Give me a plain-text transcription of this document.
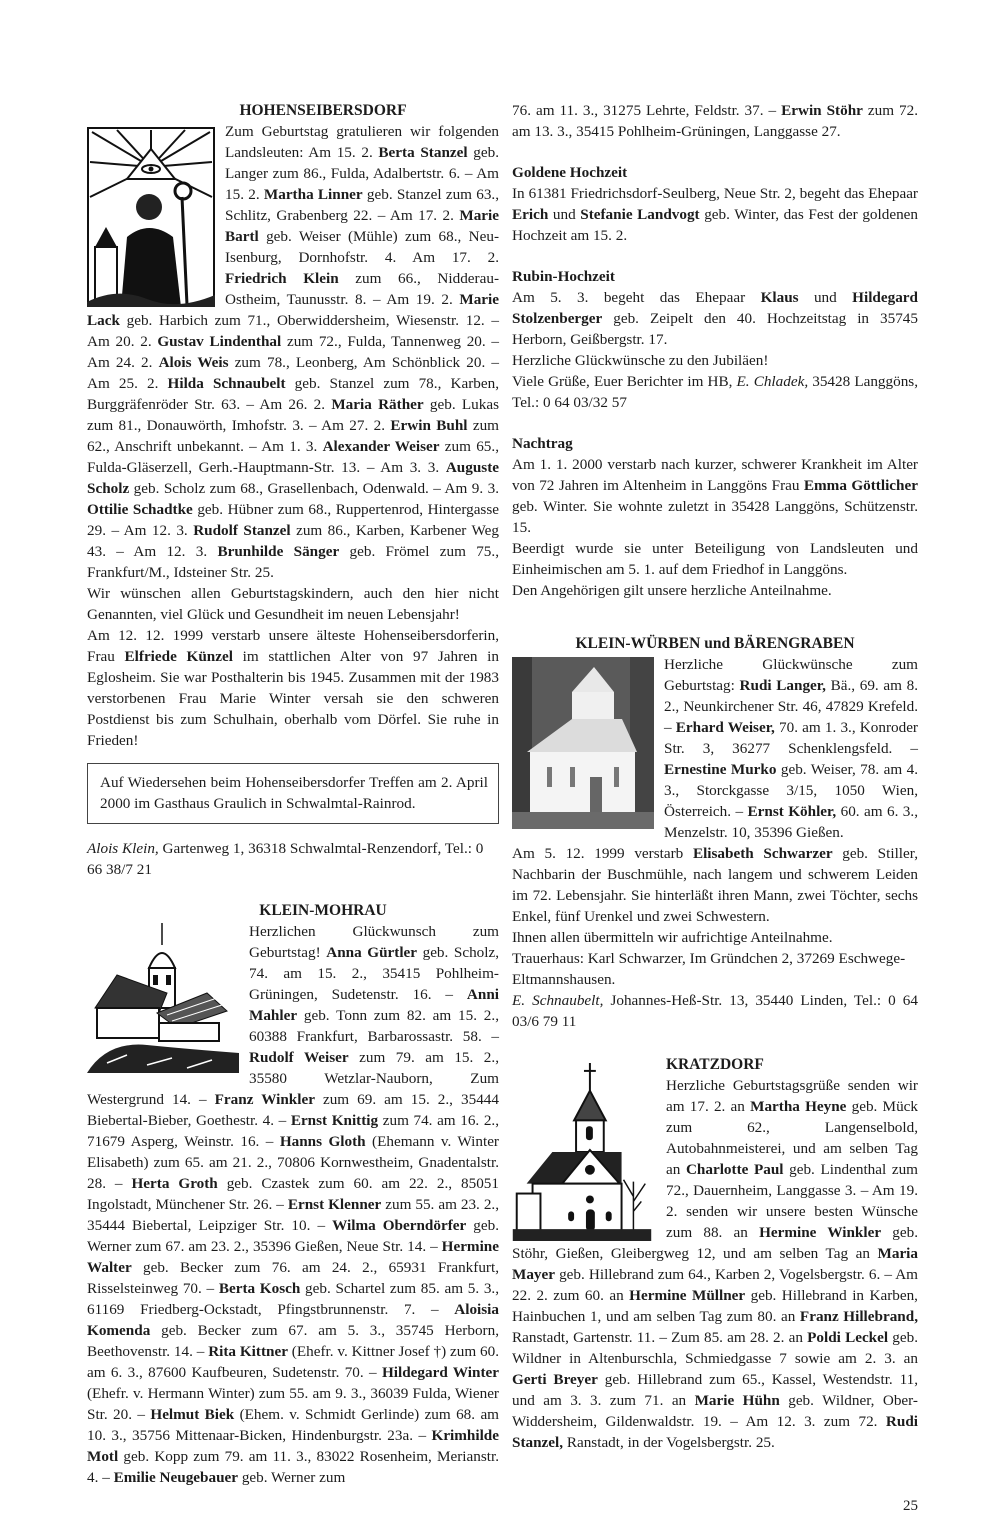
HOHENSEIBERSDORF

Zum Geburtstag gratulieren wir folgenden Landsleuten: Am 15. 2. Berta Stanzel geb. Langer zum 86., Fulda, Adalbertstr. 6. – Am 15. 2. Martha Linner geb. Stanzel zum 63., Schlitz, Grabenberg 22. – Am 17. 2. Marie Bartl geb. Weiser (Mühle) zum 68., Neu-Isenburg, Dornhofstr. 4. Am 17. 2. Friedrich Klein zum 66., Nidderau-Ostheim, Taunusstr. 8. – Am 19. 2. Marie Lack geb. Harbich zum 71., Oberwiddersheim, Wiesenstr. 12. – Am 20. 2. Gustav Lindenthal zum 72., Fulda, Tannenweg 20. – Am 24. 2. Alois Weis zum 78., Leonberg, Am Schönblick 20. – Am 25. 2. Hilda Schnaubelt geb. Stanzel zum 78., Karben, Burggräfenröder Str. 63. – Am 26. 2. Maria Räther geb. Lukas zum 81., Donauwörth, Imhofstr. 3. – Am 27. 2. Erwin Buhl zum 62., Anschrift unbekannt. – Am 1. 3. Alexander Weiser zum 65., Fulda-Gläserzell, Gerh.-Hauptmann-Str. 13. – Am 3. 3. Auguste Scholz geb. Scholz zum 68., Grasellenbach, Odenwald. – Am 9. 3. Ottilie Schadtke geb. Hübner zum 68., Ruppertenrod, Hintergasse 29. – Am 12. 3. Rudolf Stanzel zum 86., Karben, Karbener Weg 43. – Am 12. 3. Brunhilde Sänger geb. Frömel zum 75., Frankfurt/M., Idsteiner Str. 25.

Wir wünschen allen Geburtstagskindern, auch den hier nicht Genannten, viel Glück und Gesundheit im neuen Lebensjahr!

Am 12. 12. 1999 verstarb unsere älteste Hohenseibersdorferin, Frau Elfriede Künzel im stattlichen Alter von 97 Jahren in Eglosheim. Sie war Posthalterin bis 1945. Zusammen mit der 1983 verstorbenen Frau Marie Winter versah sie den schweren Postdienst bis zum Schulhain, oberhalb vom Dörfel. Sie ruhe in Frieden!

Auf Wiedersehen beim Hohenseibersdorfer Treffen am 2. April 2000 im Gasthaus Graulich in Schwalmtal-Rainrod.

Alois Klein, Gartenweg 1, 36318 Schwalmtal-Renzendorf, Tel.: 0 66 38/7 21

KLEIN-MOHRAU

Herzlichen Glückwunsch zum Geburtstag! Anna Gürtler geb. Scholz, 74. am 15. 2., 35415 Pohlheim-Grüningen, Sudetenstr. 16. – Anni Mahler geb. Tonn zum 82. am 15. 2., 60388 Frankfurt, Barbarossastr. 58. – Rudolf Weiser zum 79. am 15. 2., 35580 Wetzlar-Nauborn, Zum Westergrund 14. – Franz Winkler zum 69. am 15. 2., 35444 Biebertal-Bieber, Goethestr. 4. – Ernst Knittig zum 74. am 16. 2., 71679 Asperg, Weinstr. 16. – Hanns Gloth (Ehemann v. Winter Elisabeth) zum 65. am 21. 2., 70806 Kornwestheim, Gnadentalstr. 28. – Herta Groth geb. Czastek zum 60. am 22. 2., 85051 Ingolstadt, Münchener Str. 26. – Ernst Klenner zum 55. am 23. 2., 35444 Biebertal, Leipziger Str. 10. – Wilma Oberndörfer geb. Werner zum 67. am 23. 2., 35396 Gießen, Neue Str. 14. – Hermine Walter geb. Becker zum 76. am 24. 2., 65931 Frankfurt, Risselsteinweg 70. – Berta Kosch geb. Schartel zum 85. am 5. 3., 61169 Friedberg-Ockstadt, Pfingstbrunnenstr. 7. – Aloisia Komenda geb. Becker zum 67. am 5. 3., 35745 Herborn, Beethovenstr. 14. – Rita Kittner (Ehefr. v. Kittner Josef †) zum 60. am 6. 3., 87600 Kaufbeuren, Sudetenstr. 70. – Hildegard Winter (Ehefr. v. Hermann Winter) zum 55. am 9. 3., 36039 Fulda, Wiener Str. 20. – Helmut Biek (Ehem. v. Schmidt Gerlinde) zum 68. am 10. 3., 35756 Mittenaar-Bicken, Hindenburgstr. 23a. – Krimhilde Motl geb. Kopp zum 79. am 11. 3., 83022 Rosenheim, Merianstr. 4. – Emilie Neugebauer geb. Werner zum

76. am 11. 3., 31275 Lehrte, Feldstr. 37. – Erwin Stöhr zum 72. am 13. 3., 35415 Pohlheim-Grüningen, Langgasse 27.

Goldene Hochzeit

In 61381 Friedrichsdorf-Seulberg, Neue Str. 2, begeht das Ehepaar Erich und Stefanie Landvogt geb. Winter, das Fest der goldenen Hochzeit am 15. 2.

Rubin-Hochzeit

Am 5. 3. begeht das Ehepaar Klaus und Hildegard Stolzenberger geb. Zeipelt den 40. Hochzeitstag in 35745 Herborn, Geißbergstr. 17.

Herzliche Glückwünsche zu den Jubiläen!

Viele Grüße, Euer Berichter im HB, E. Chladek, 35428 Langgöns, Tel.: 0 64 03/32 57

Nachtrag

Am 1. 1. 2000 verstarb nach kurzer, schwerer Krankheit im Alter von 72 Jahren im Altenheim in Langgöns Frau Emma Göttlicher geb. Winter. Sie wohnte zuletzt in 35428 Langgöns, Schützenstr. 15.

Beerdigt wurde sie unter Beteiligung von Landsleuten und Einheimischen am 5. 1. auf dem Friedhof in Langgöns.

Den Angehörigen gilt unsere herzliche Anteilnahme.

KLEIN-WÜRBEN und BÄRENGRABEN

Herzliche Glückwünsche zum Geburtstag: Rudi Langer, Bä., 69. am 8. 2., Neunkirchener Str. 46, 47829 Krefeld. – Erhard Weiser, 70. am 1. 3., Konroder Str. 3, 36277 Schenklengsfeld. – Ernestine Murko geb. Weiser, 78. am 4. 3., Storckgasse 3/15, 1050 Wien, Österreich. – Ernst Köhler, 60. am 6. 3., Menzelstr. 10, 35396 Gießen.

Am 5. 12. 1999 verstarb Elisabeth Schwarzer geb. Stiller, Nachbarin der Buschmühle, nach langem und schwerem Leiden im 72. Lebensjahr. Sie hinterläßt ihren Mann, zwei Töchter, sechs Enkel, fünf Urenkel und zwei Schwestern.

Ihnen allen übermitteln wir aufrichtige Anteilnahme.

Trauerhaus: Karl Schwarzer, Im Gründchen 2, 37269 Eschwege-Eltmannshausen.

E. Schnaubelt, Johannes-Heß-Str. 13, 35440 Linden, Tel.: 0 64 03/6 79 11

KRATZDORF

Herzliche Geburtstagsgrüße senden wir am 17. 2. an Martha Heyne geb. Mück zum 62., Langenselbold, Autobahnmeisterei, und am selben Tag an Charlotte Paul geb. Lindenthal zum 72., Dauernheim, Langgasse 3. – Am 19. 2. senden wir unsere besten Wünsche zum 88. an Hermine Winkler geb. Stöhr, Gießen, Gleibergweg 12, und am selben Tag an Maria Mayer geb. Hillebrand zum 64., Karben 2, Vogelsbergstr. 6. – Am 22. 2. zum 60. an Hermine Müllner geb. Hillebrand in Karben, Hainbuchen 1, und am selben Tag zum 80. an Franz Hillebrand, Ranstadt, Gartenstr. 11. – Zum 85. am 28. 2. an Poldi Leckel geb. Wildner in Altenburschla, Schmiedgasse 7 sowie am 2. 3. an Gerti Breyer geb. Hillebrand zum 65., Kassel, Westendstr. 11, und am 3. 3. zum 71. an Marie Hühn geb. Wildner, Ober-Widdersheim, Gildenwaldstr. 19. – Am 12. 3. zum 72. Rudi Stanzel, Ranstadt, in der Vogelsbergstr. 25.

25
